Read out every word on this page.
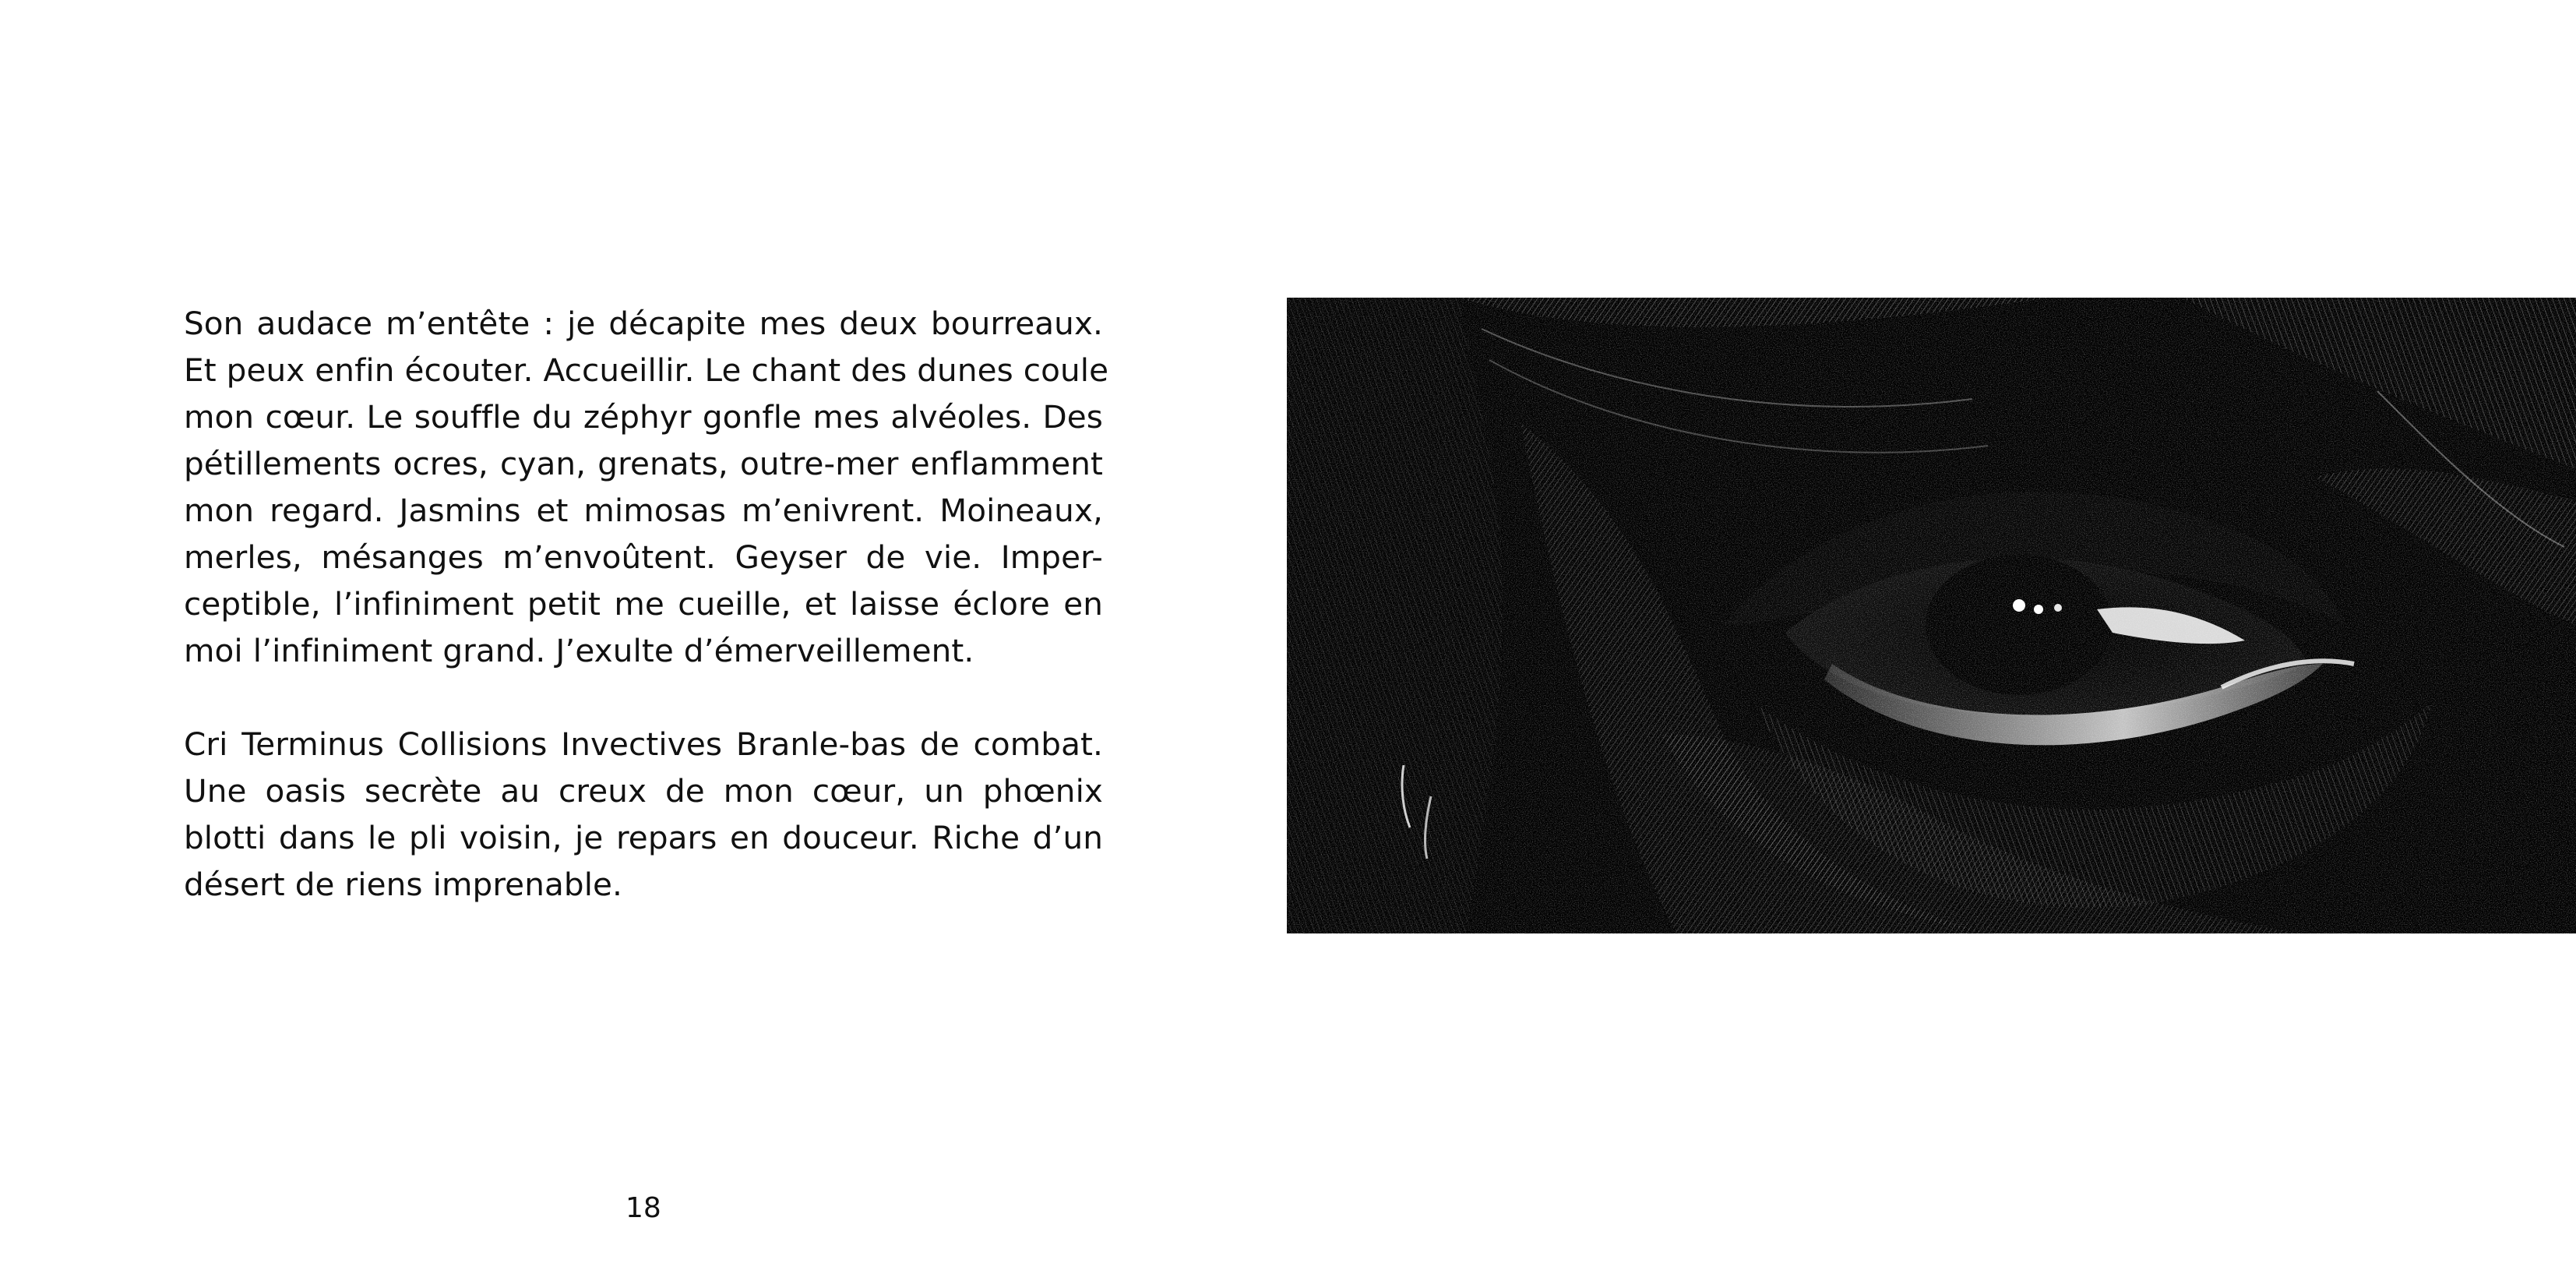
Son audace m’entête : je décapite mes deux bourreaux.
Et peux enfin écouter. Accueillir. Le chant des dunes coule
mon cœur. Le souffle du zéphyr gonfle mes alvéoles. Des
pétillements ocres, cyan, grenats, outre-mer enflamment
mon regard. Jasmins et mimosas m’enivrent. Moineaux,
merles, mésanges m’envoûtent. Geyser de vie. Imper-
ceptible, l’infiniment petit me cueille, et laisse éclore en
moi l’infiniment grand. J’exulte d’émerveillement.

Cri Terminus Collisions Invectives Branle-bas de combat.
Une oasis secrète au creux de mon cœur, un phœnix
blotti dans le pli voisin, je repars en douceur. Riche d’un
désert de riens imprenable.

18
